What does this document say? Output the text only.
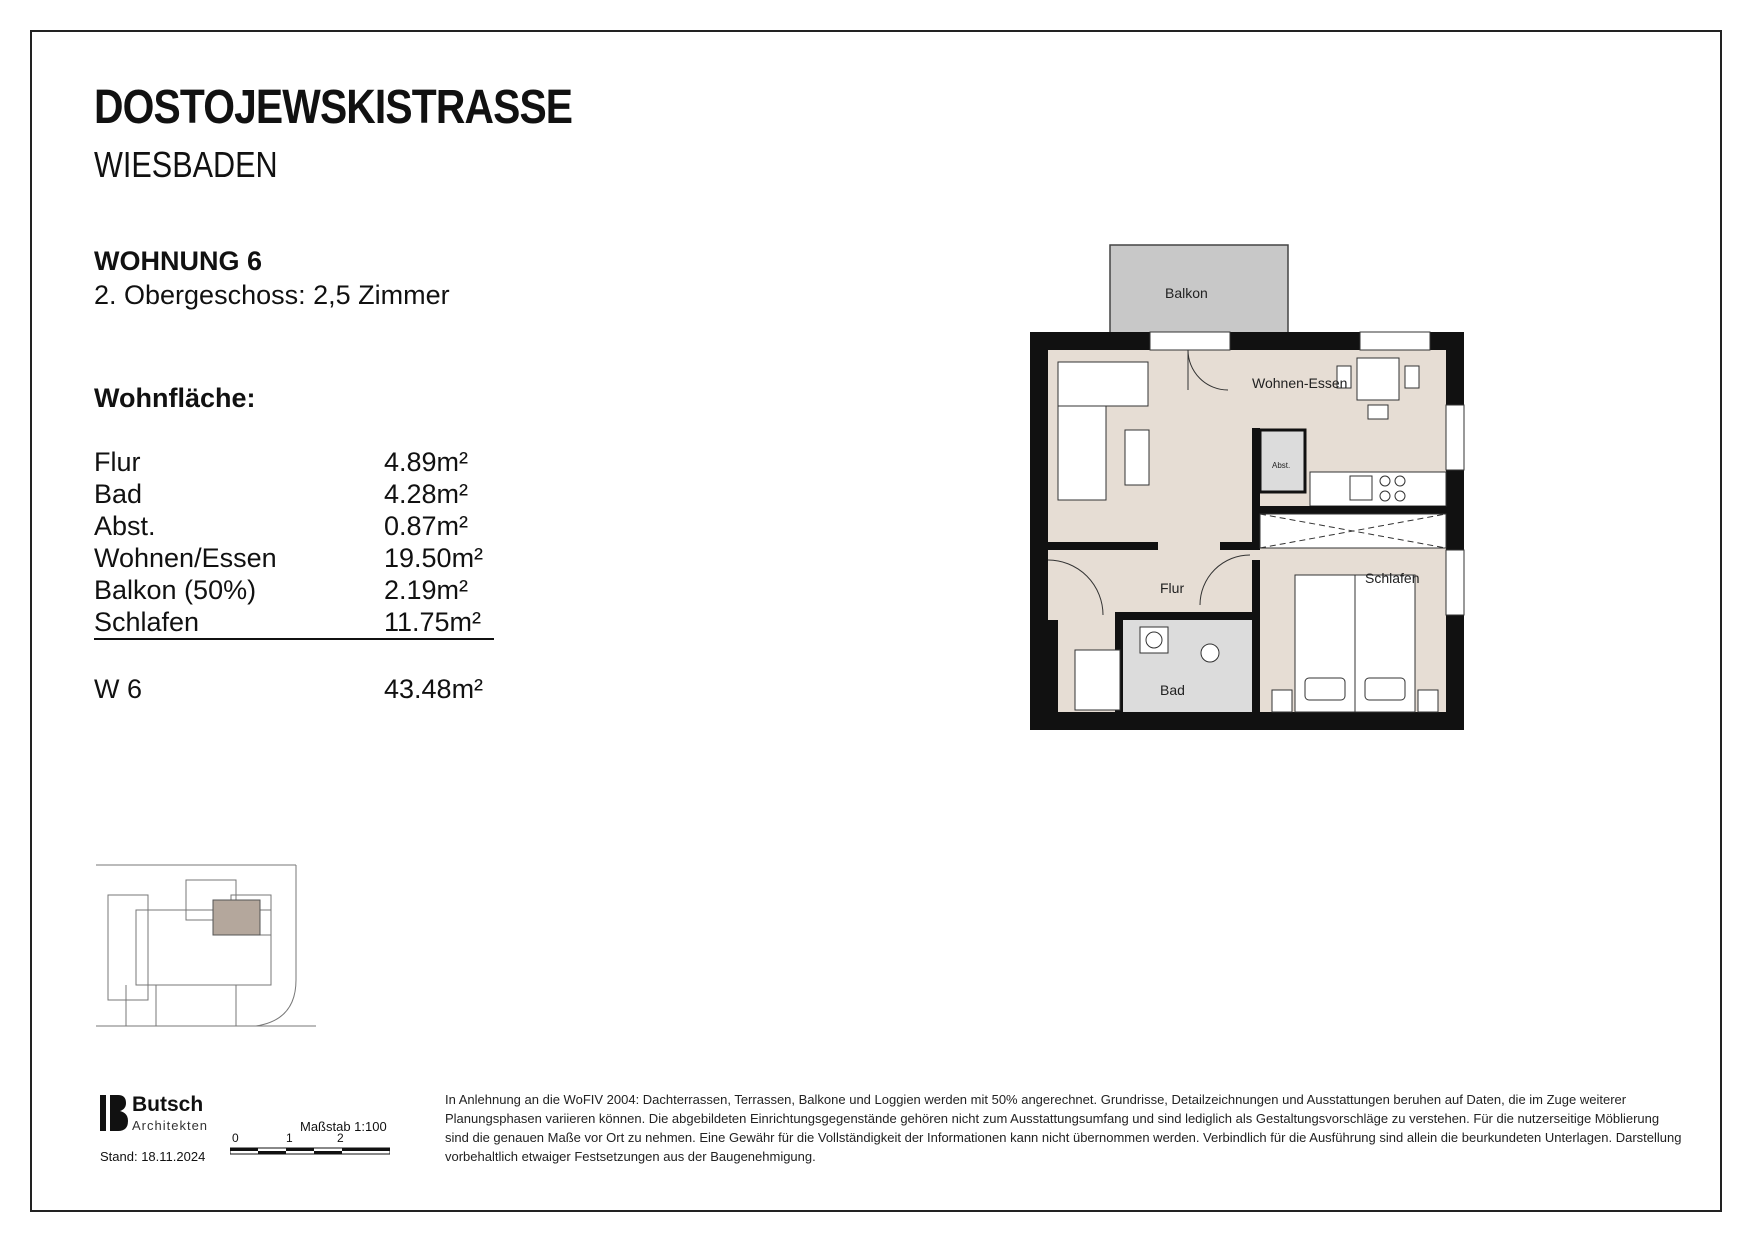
DOSTOJEWSKISTRASSE
WIESBADEN
WOHNUNG 6
2. Obergeschoss: 2,5 Zimmer
Wohnfläche:
Flur	4.89m²
Bad	4.28m²
Abst.	0.87m²
Wohnen/Essen	19.50m²
Balkon (50%)	2.19m²
Schlafen	11.75m²
W 6	43.48m²
Balkon
Wohnen-Essen
Abst.
Flur
Schlafen
Bad
Butsch
Architekten
Stand: 18.11.2024
Maßstab 1:100
0	1	2
In Anlehnung an die WoFIV 2004: Dachterrassen, Terrassen, Balkone und Loggien werden mit 50% angerechnet. Grundrisse, Detailzeichnungen und Ausstattungen beruhen auf Daten, die im Zuge weiterer Planungsphasen variieren können. Die abgebildeten Einrichtungsgegenstände gehören nicht zum Ausstattungsumfang und sind lediglich als Gestaltungsvorschläge zu verstehen. Für die nutzerseitige Möblierung sind die genauen Maße vor Ort zu nehmen. Eine Gewähr für die Vollständigkeit der Informationen kann nicht übernommen werden. Verbindlich für die Ausführung sind allein die beurkundeten Unterlagen. Darstellung vorbehaltlich etwaiger Festsetzungen aus der Baugenehmigung.
